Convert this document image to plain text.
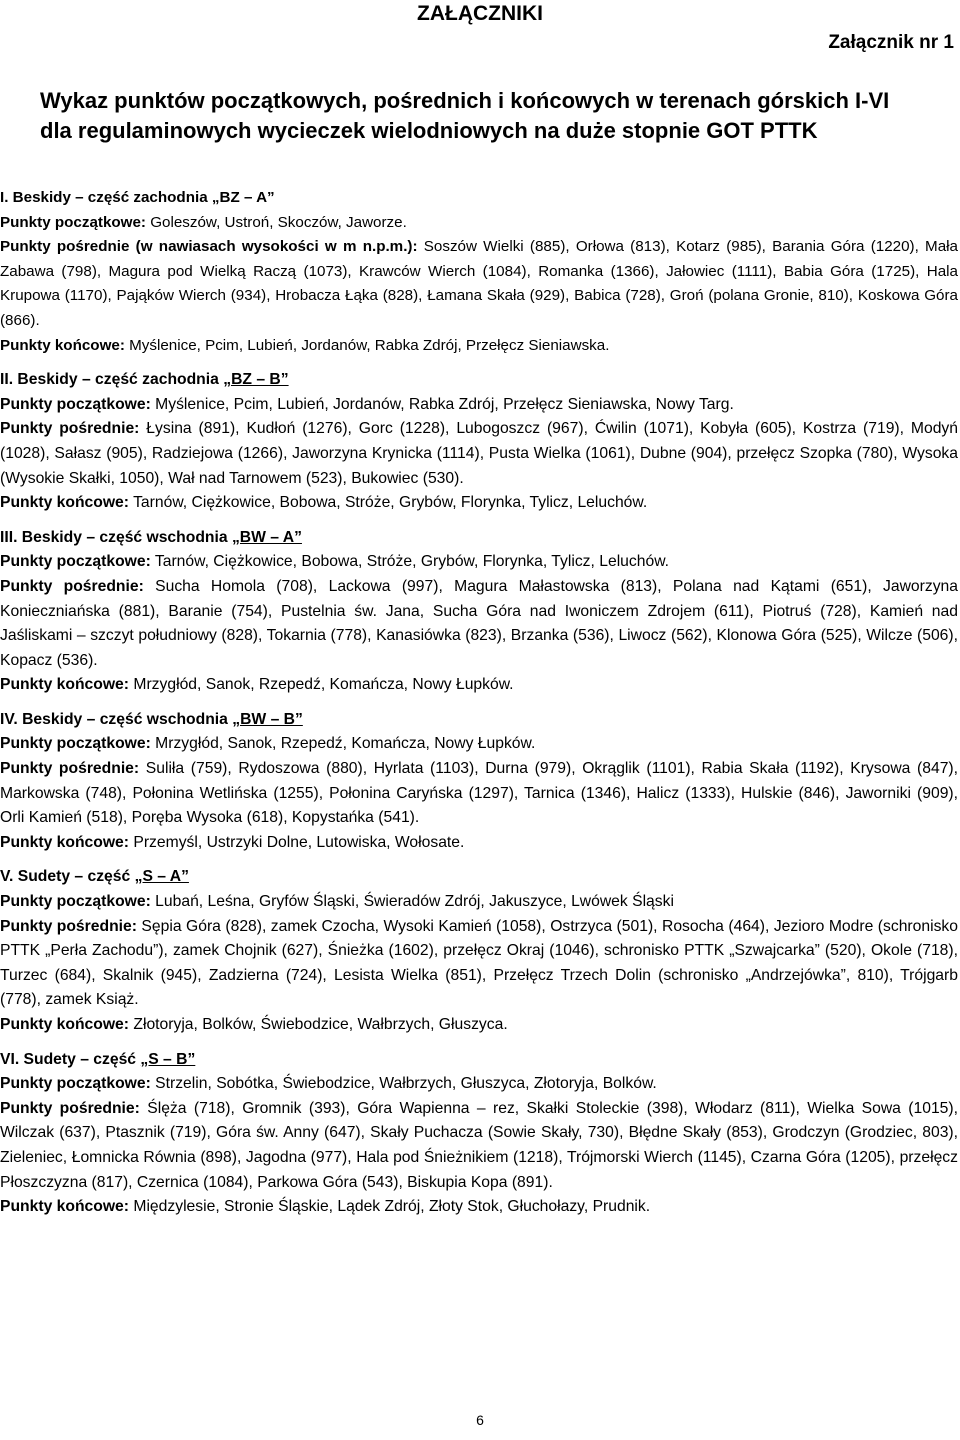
ZAŁĄCZNIKI
Załącznik nr 1
Wykaz punktów początkowych, pośrednich i końcowych w terenach górskich I-VI
dla regulaminowych wycieczek wielodniowych na duże stopnie GOT PTTK

I. Beskidy – część zachodnia „BZ – A”

Punkty początkowe: Goleszów, Ustroń, Skoczów, Jaworze.

Punkty pośrednie (w nawiasach wysokości w m n.p.m.): Soszów Wielki (885), Orłowa (813), Kotarz (985), Barania Góra (1220), Mała Zabawa (798), Magura pod Wielką Raczą (1073), Krawców Wierch (1084), Romanka (1366), Jałowiec (1111), Babia Góra (1725), Hala Krupowa (1170), Pająków Wierch (934), Hrobacza Łąka (828), Łamana Skała (929), Babica (728), Groń (polana Gronie, 810), Koskowa Góra (866).

Punkty końcowe: Myślenice, Pcim, Lubień, Jordanów, Rabka Zdrój, Przełęcz Sieniawska.

II. Beskidy – część zachodnia „BZ – B”

Punkty początkowe: Myślenice, Pcim, Lubień, Jordanów, Rabka Zdrój, Przełęcz Sieniawska, Nowy Targ.

Punkty pośrednie: Łysina (891), Kudłoń (1276), Gorc (1228), Lubogoszcz (967), Ćwilin (1071), Kobyła (605), Kostrza (719), Modyń (1028), Sałasz (905), Radziejowa (1266), Jaworzyna Krynicka (1114), Pusta Wielka (1061), Dubne (904), przełęcz Szopka (780), Wysoka (Wysokie Skałki, 1050), Wał nad Tarnowem (523), Bukowiec (530).

Punkty końcowe: Tarnów, Ciężkowice, Bobowa, Stróże, Grybów, Florynka, Tylicz, Leluchów.

III. Beskidy – część wschodnia „BW – A”

Punkty początkowe: Tarnów, Ciężkowice, Bobowa, Stróże, Grybów, Florynka, Tylicz, Leluchów.

Punkty pośrednie: Sucha Homola (708), Lackowa (997), Magura Małastowska (813), Polana nad Kątami (651), Jaworzyna Konieczniańska (881), Baranie (754), Pustelnia św. Jana, Sucha Góra nad Iwoniczem Zdrojem (611), Piotruś (728), Kamień nad Jaśliskami – szczyt południowy (828), Tokarnia (778), Kanasiówka (823), Brzanka (536), Liwocz (562), Klonowa Góra (525), Wilcze (506), Kopacz (536).

Punkty końcowe: Mrzygłód, Sanok, Rzepedź, Komańcza, Nowy Łupków.

IV. Beskidy – część wschodnia „BW – B”

Punkty początkowe: Mrzygłód, Sanok, Rzepedź, Komańcza, Nowy Łupków.

Punkty pośrednie: Suliła (759), Rydoszowa (880), Hyrlata (1103), Durna (979), Okrąglik (1101), Rabia Skała (1192), Krysowa (847), Markowska (748), Połonina Wetlińska (1255), Połonina Caryńska (1297), Tarnica (1346), Halicz (1333), Hulskie (846), Jaworniki (909), Orli Kamień (518), Poręba Wysoka (618), Kopystańka (541).

Punkty końcowe: Przemyśl, Ustrzyki Dolne, Lutowiska, Wołosate.

V. Sudety – część „S – A”

Punkty początkowe: Lubań, Leśna, Gryfów Śląski, Świeradów Zdrój, Jakuszyce, Lwówek Śląski

Punkty pośrednie: Sępia Góra (828), zamek Czocha, Wysoki Kamień (1058), Ostrzyca (501), Rosocha (464), Jeziorо Modre (schronisko PTTK „Perła Zachodu”), zamek Chojnik (627), Śnieżka (1602), przełęcz Okraj (1046), schronisko PTTK „Szwajcarka” (520), Okole (718), Turzec (684), Skalnik (945), Zadzierna (724), Lesista Wielka (851), Przełęcz Trzech Dolin (schronisko „Andrzejówka”, 810), Trójgarb (778), zamek Książ.

Punkty końcowe: Złotoryja, Bolków, Świebodzice, Wałbrzych, Głuszyca.

VI. Sudety – część „S – B”

Punkty początkowe: Strzelin, Sobótka, Świebodzice, Wałbrzych, Głuszyca, Złotoryja, Bolków.

Punkty pośrednie: Ślęża (718), Gromnik (393), Góra Wapienna – rez, Skałki Stoleckie (398), Włodarz (811), Wielka Sowa (1015), Wilczak (637), Ptasznik (719), Góra św. Anny (647), Skały Puchacza (Sowie Skały, 730), Błędne Skały (853), Grodczyn (Grodziec, 803), Zieleniec, Łomnicka Równia (898), Jagodna (977), Hala pod Śnieżnikiem (1218), Trójmorski Wierch (1145), Czarna Góra (1205), przełęcz Płoszczyzna (817), Czernica (1084), Parkowa Góra (543), Biskupia Kopa (891).

Punkty końcowe: Międzylesie, Stronie Śląskie, Lądek Zdrój, Złoty Stok, Głuchołazy, Prudnik.

6
